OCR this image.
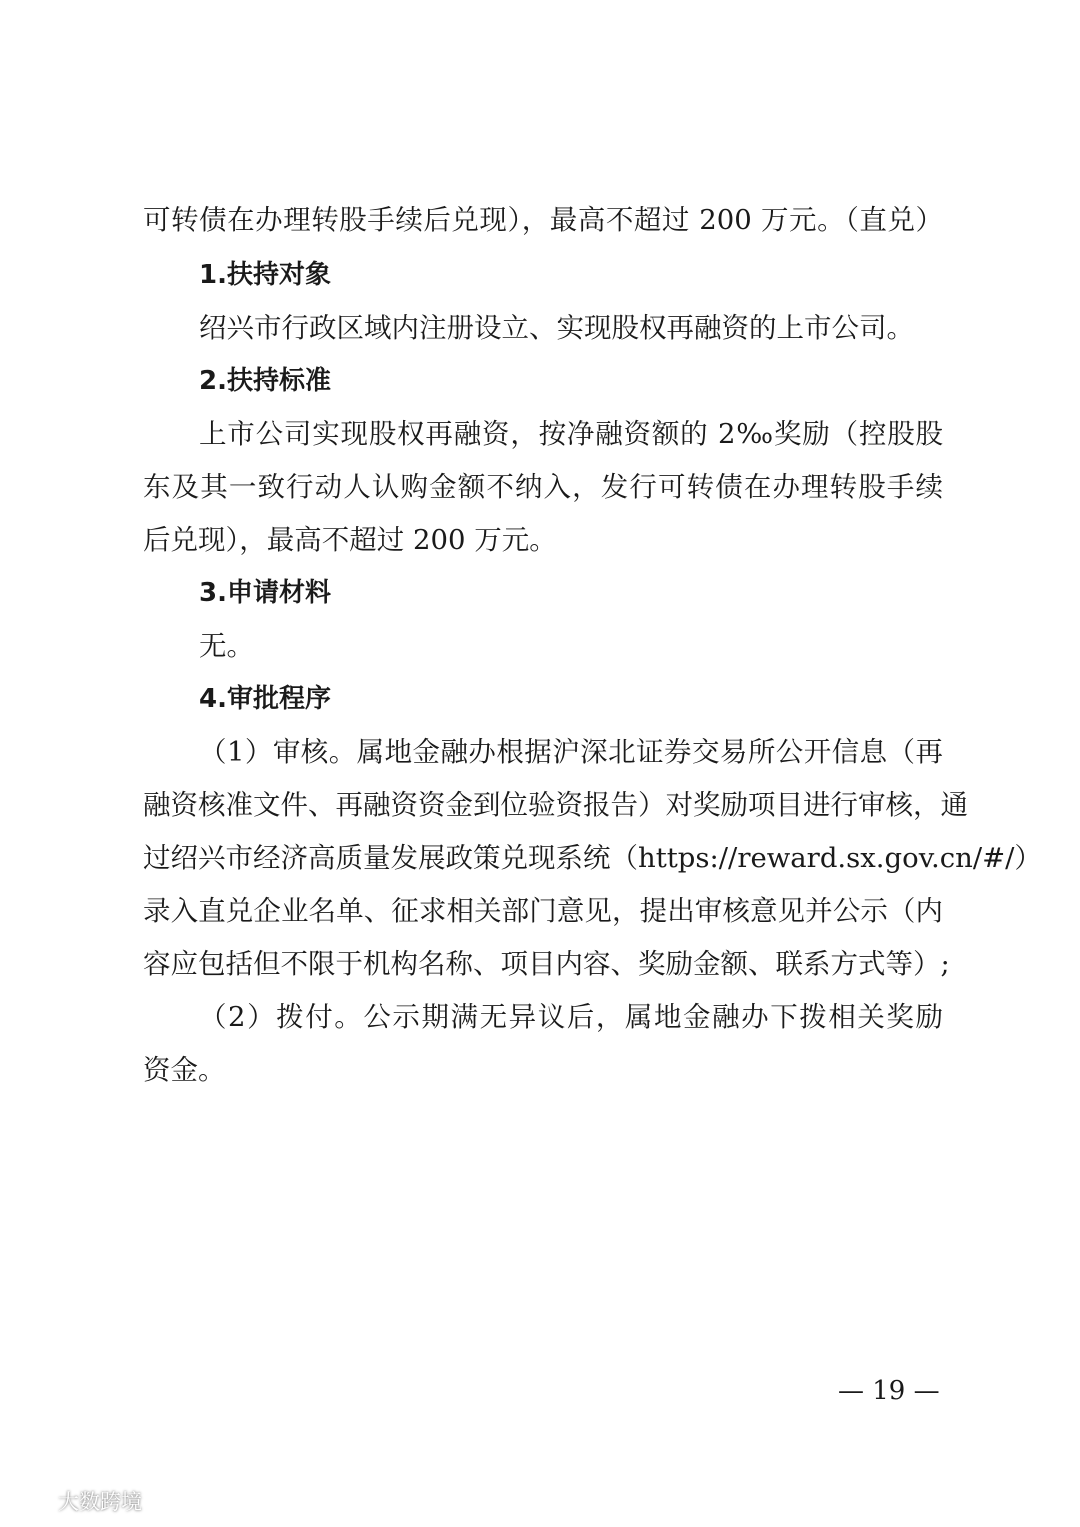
可转债在办理转股手续后兑现），最高不超过 200 万元。（直兑）
1.扶持对象
绍兴市行政区域内注册设立、实现股权再融资的上市公司。
2.扶持标准
上市公司实现股权再融资，按净融资额的 2‰奖励（控股股
东及其一致行动人认购金额不纳入，发行可转债在办理转股手续
后兑现），最高不超过 200 万元。
3.申请材料
无。
4.审批程序
（1）审核。属地金融办根据沪深北证券交易所公开信息（再
融资核准文件、再融资资金到位验资报告）对奖励项目进行审核，通
过绍兴市经济高质量发展政策兑现系统（https://reward.sx.gov.cn/#/）
录入直兑企业名单、征求相关部门意见，提出审核意见并公示（内
容应包括但不限于机构名称、项目内容、奖励金额、联系方式等）;
（2）拨付。公示期满无异议后，属地金融办下拨相关奖励
资金。
— 19 —
大数跨境
